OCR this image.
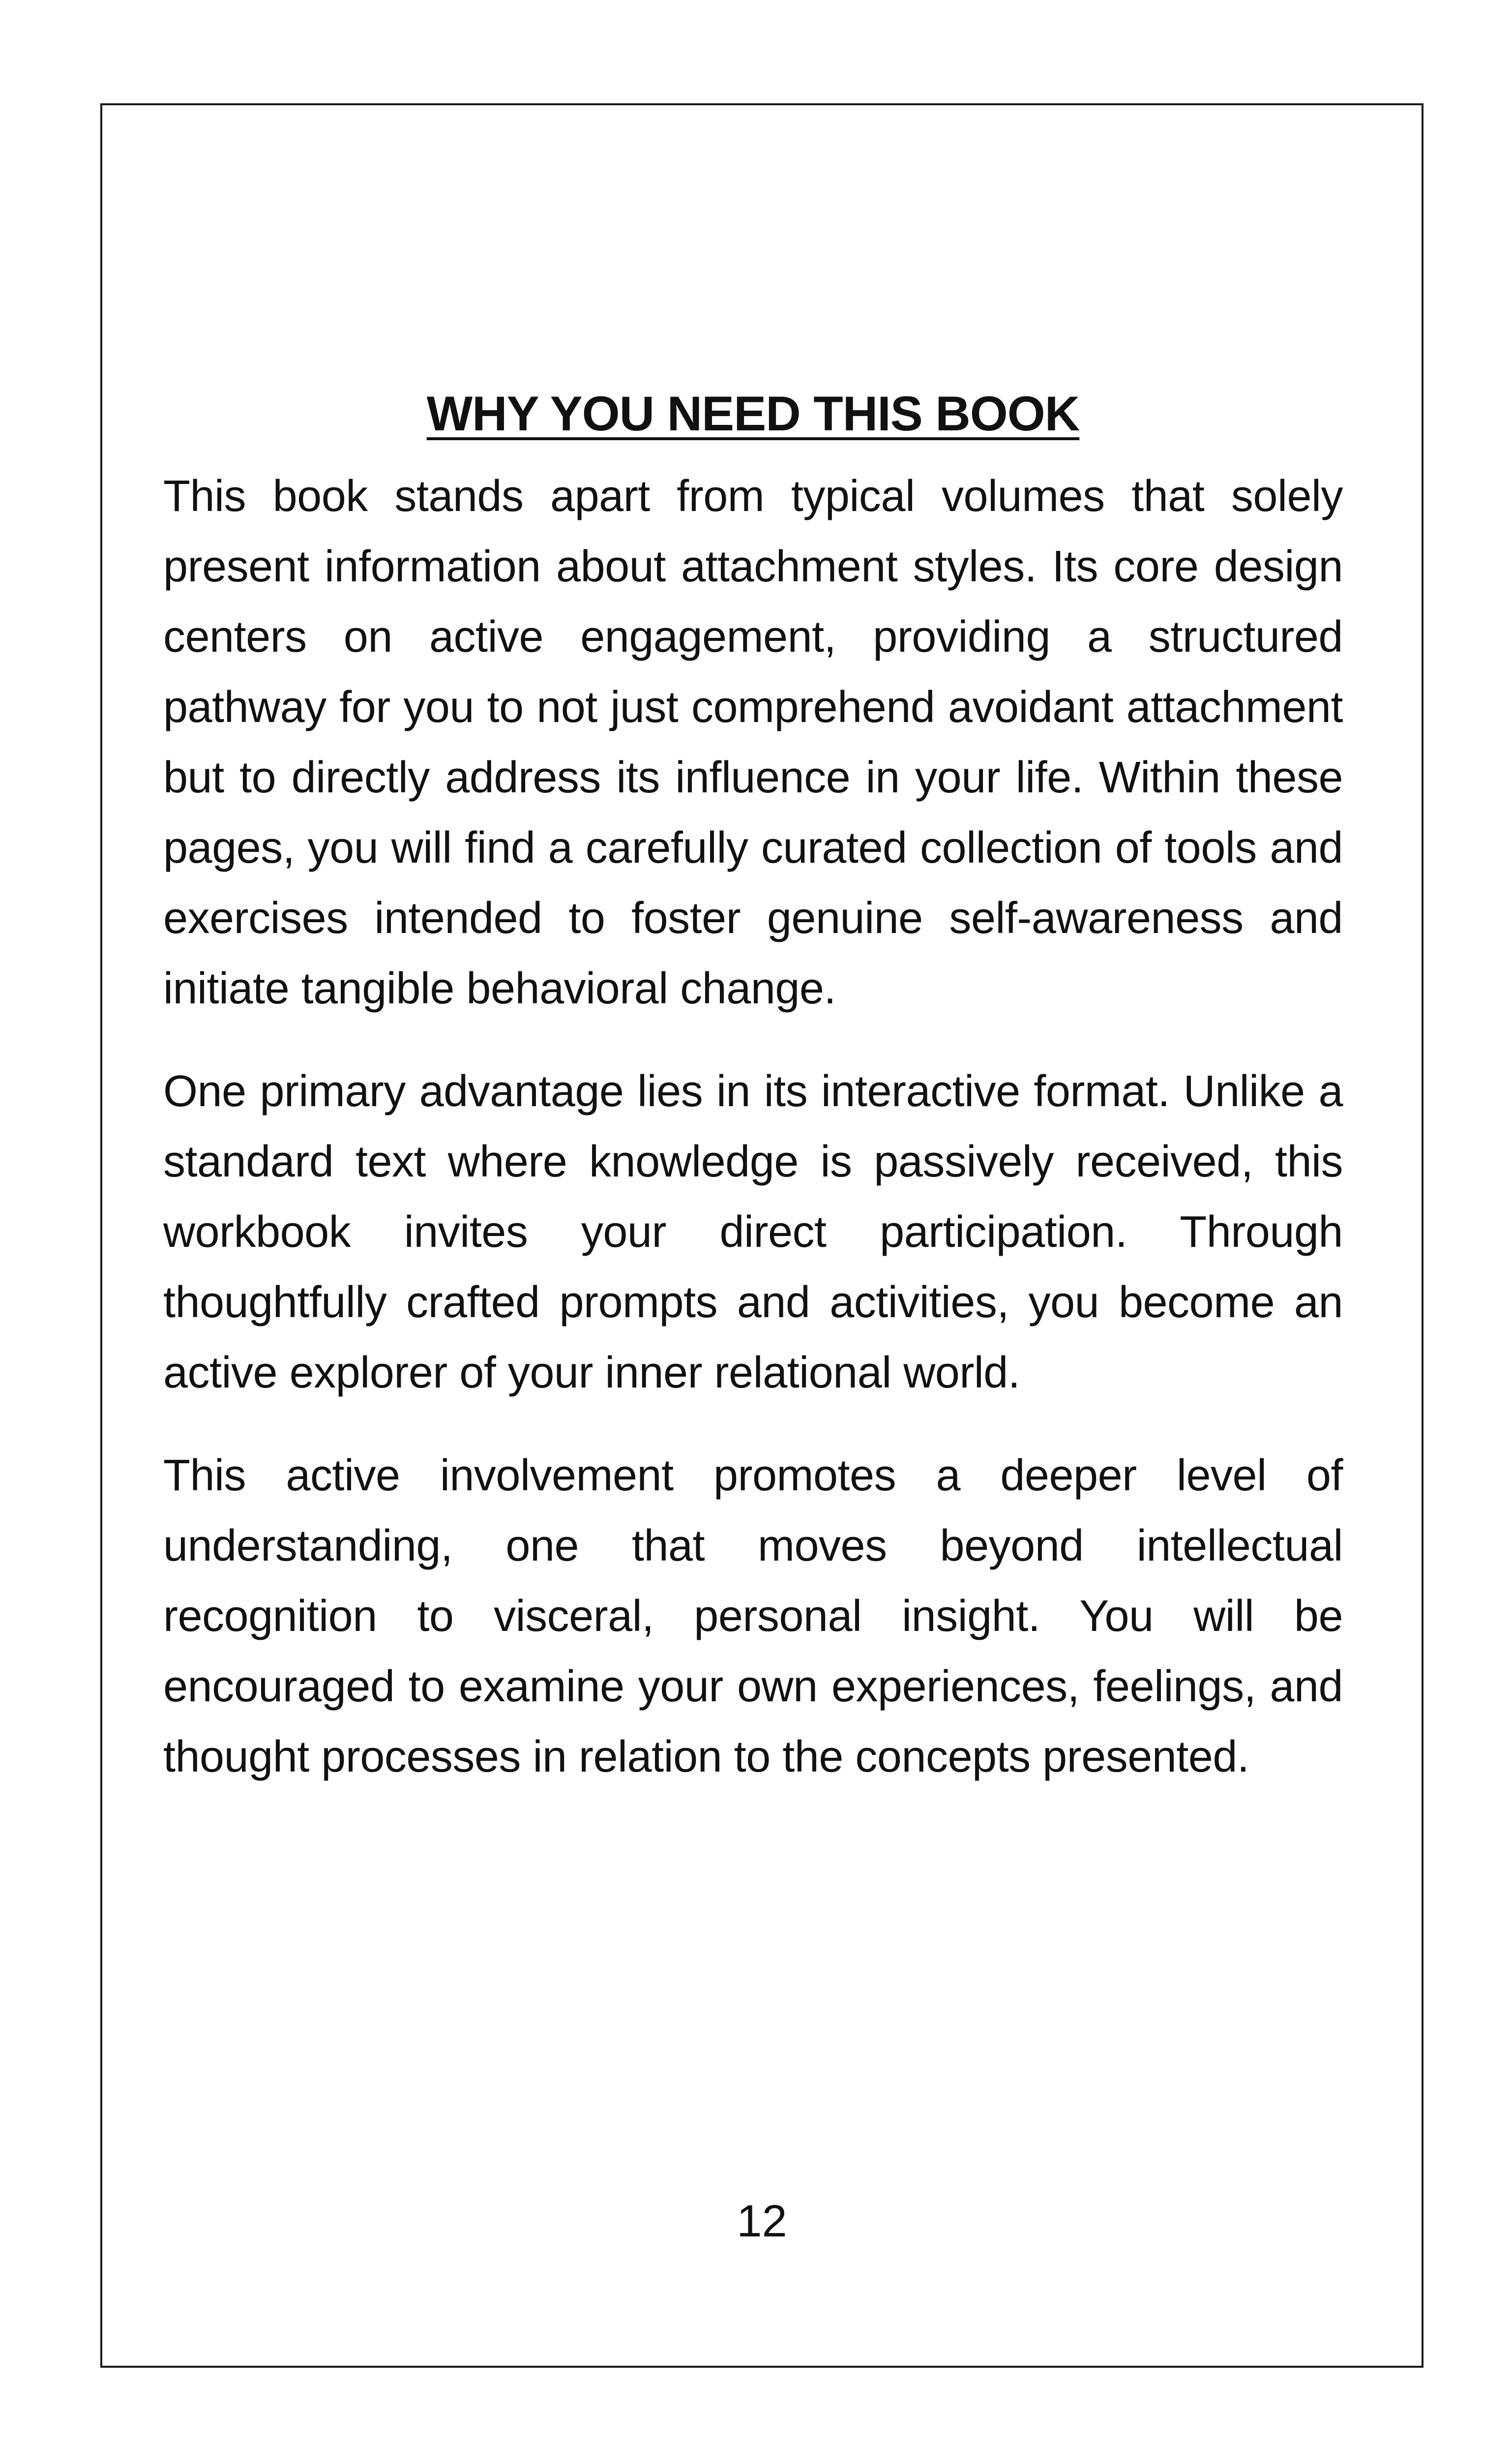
WHY YOU NEED THIS BOOK

This book stands apart from typical volumes that solely present information about attachment styles. Its core design centers on active engagement, providing a structured pathway for you to not just comprehend avoidant attachment but to directly address its influence in your life. Within these pages, you will find a carefully curated collection of tools and exercises intended to foster genuine self-awareness and initiate tangible behavioral change.

One primary advantage lies in its interactive format. Unlike a standard text where knowledge is passively received, this workbook invites your direct participation. Through thoughtfully crafted prompts and activities, you become an active explorer of your inner relational world.

This active involvement promotes a deeper level of understanding, one that moves beyond intellectual recognition to visceral, personal insight. You will be encouraged to examine your own experiences, feelings, and thought processes in relation to the concepts presented.

12
